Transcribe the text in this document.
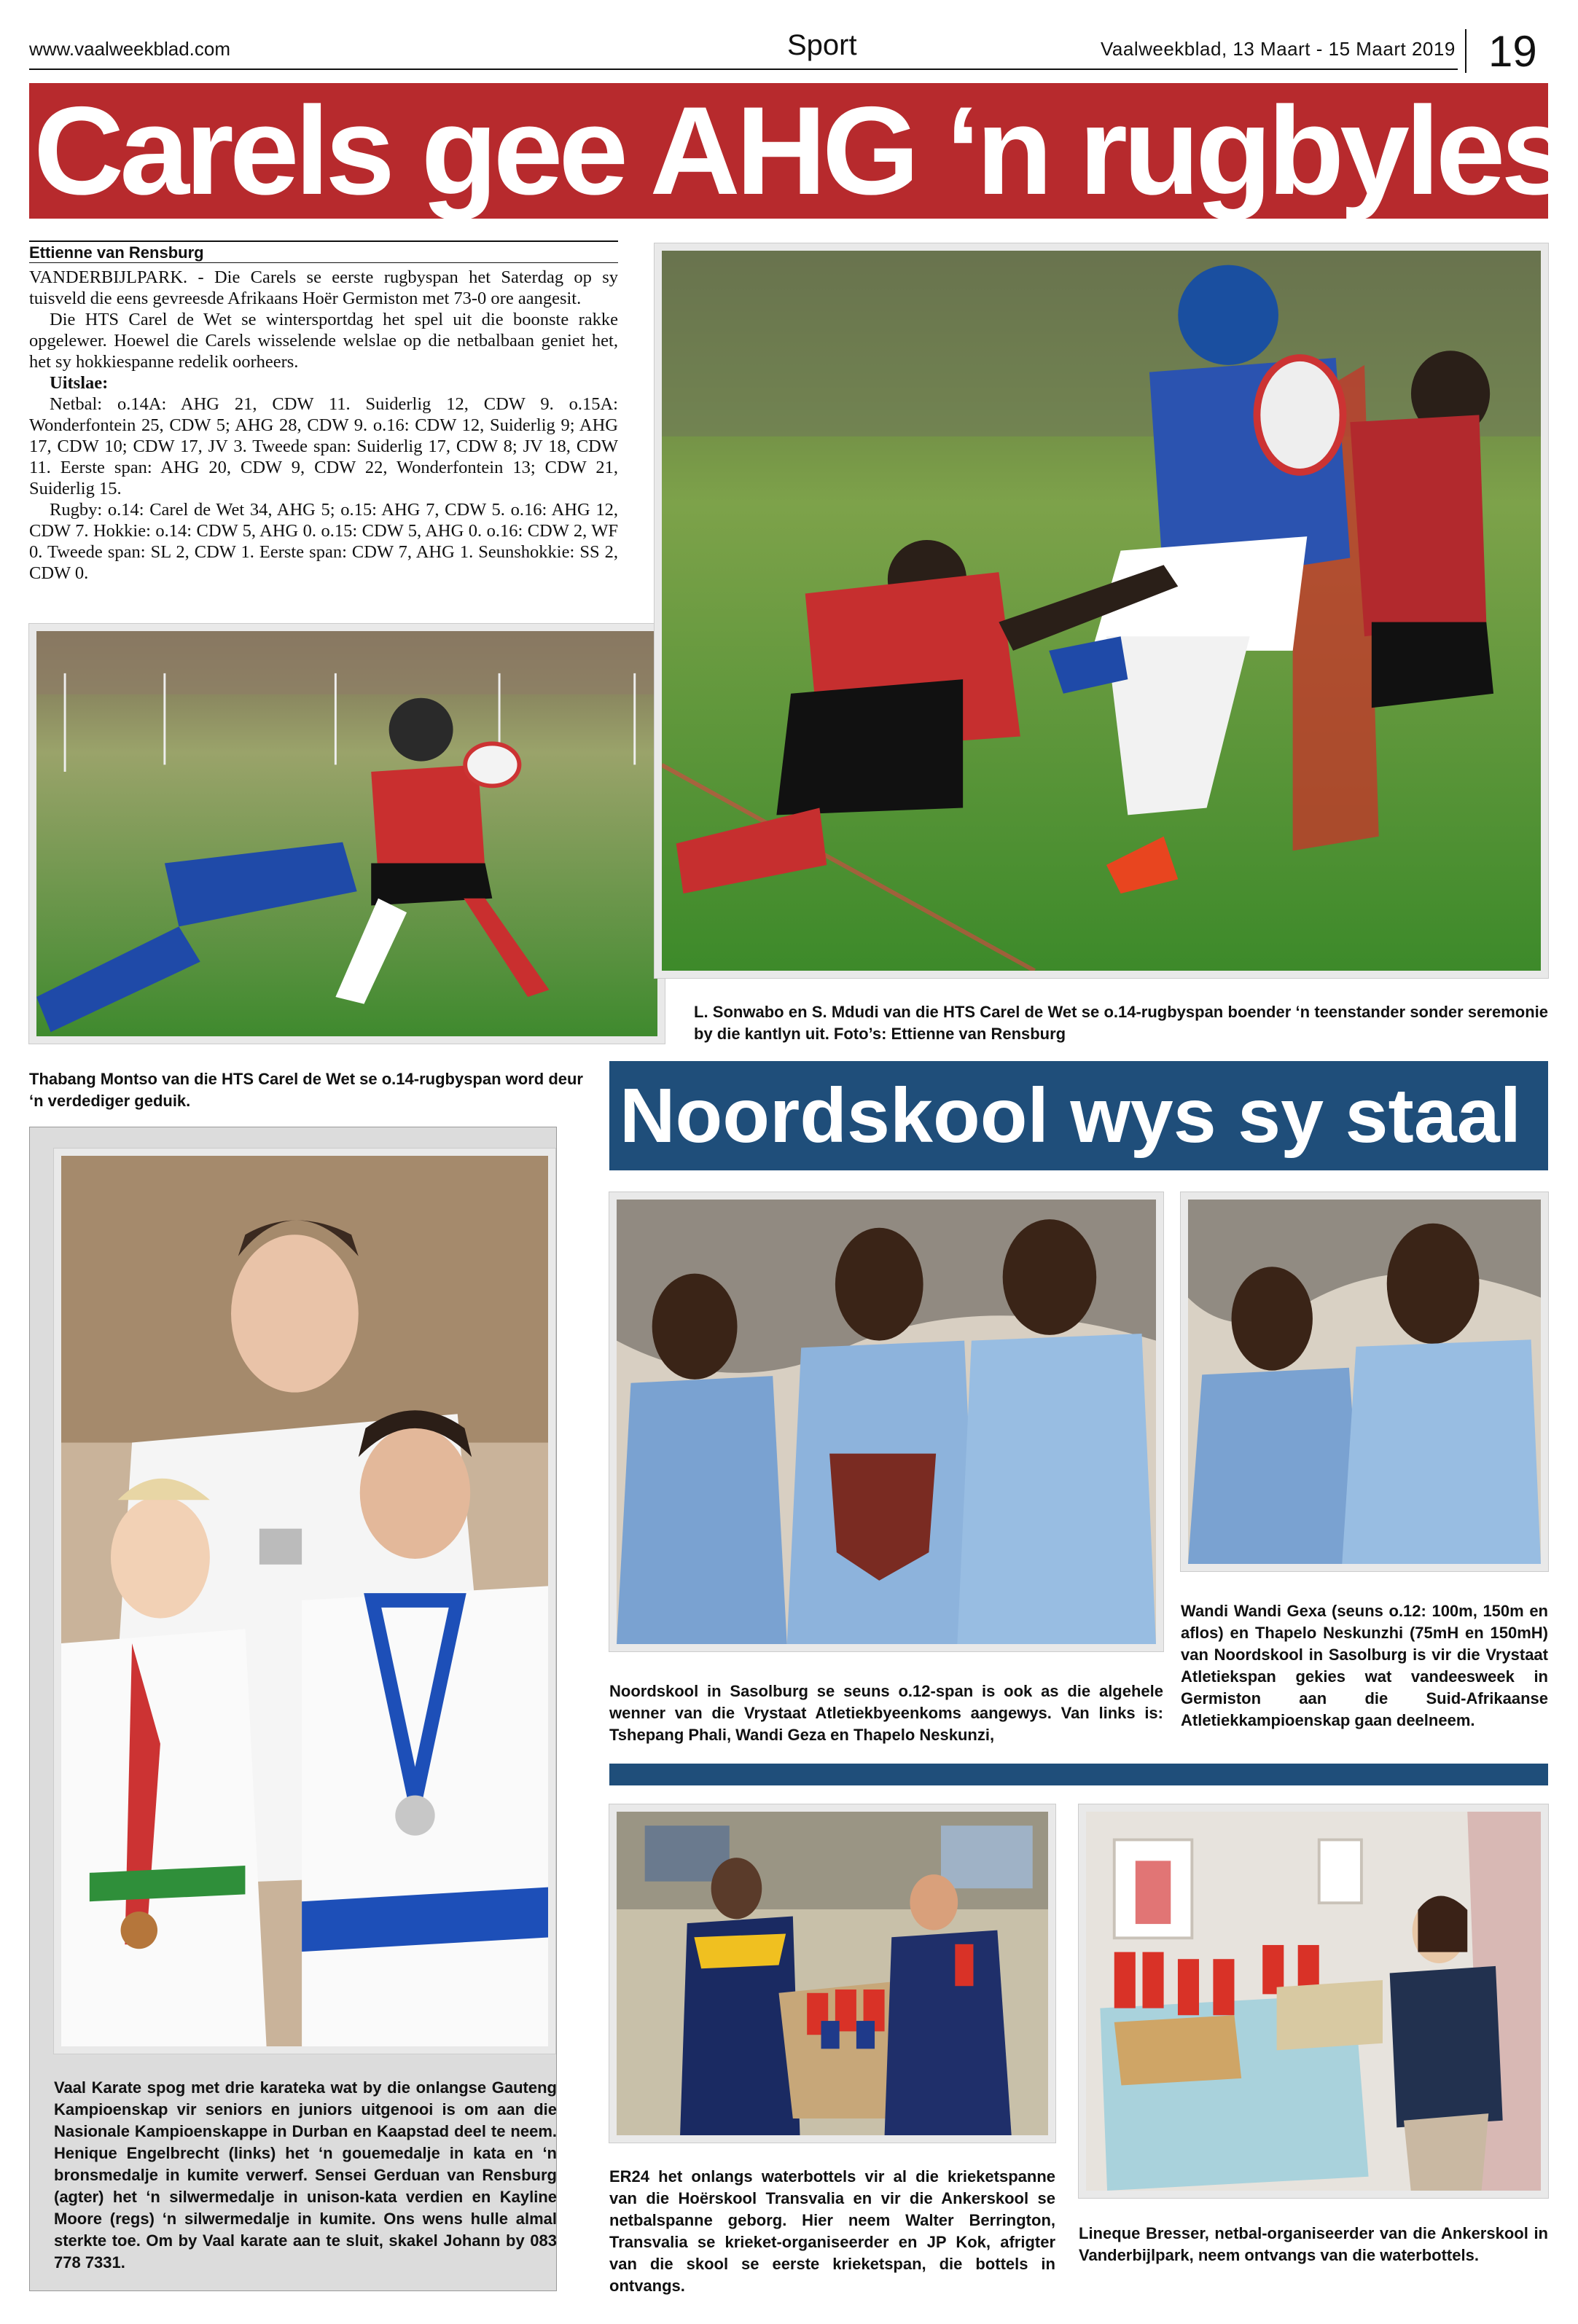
www.vaalweekblad.com	Sport	Vaalweekblad, 13 Maart - 15 Maart 2019 19
Carels gee AHG ‘n rugbyles
Ettienne van Rensburg

VANDERBIJLPARK. - Die Carels se eerste rugbyspan het Saterdag op sy tuisveld die eens gevreesde Afrikaans Hoër Germiston met 73-0 ore aangesit.

Die HTS Carel de Wet se wintersportdag het spel uit die boonste rakke opgelewer. Hoewel die Carels wisselende welslae op die netbalbaan geniet het, het sy hokkiespanne redelik oorheers.

Uitslae:

Netbal: o.14A: AHG 21, CDW 11. Suiderlig 12, CDW 9. o.15A: Wonderfontein 25, CDW 5; AHG 28, CDW 9. o.16: CDW 12, Suiderlig 9; AHG 17, CDW 10; CDW 17, JV 3. Tweede span: Suiderlig 17, CDW 8; JV 18, CDW 11. Eerste span: AHG 20, CDW 9, CDW 22, Wonderfontein 13; CDW 21, Suiderlig 15.

Rugby: o.14: Carel de Wet 34, AHG 5; o.15: AHG 7, CDW 5. o.16: AHG 12, CDW 7. Hokkie: o.14: CDW 5, AHG 0. o.15: CDW 5, AHG 0. o.16: CDW 2, WF 0. Tweede span: SL 2, CDW 1. Eerste span: CDW 7, AHG 1. Seunshokkie: SS 2, CDW 0.

Thabang Montso van die HTS Carel de Wet se o.14-rugbyspan word deur ‘n verdediger geduik.
L. Sonwabo en S. Mdudi van die HTS Carel de Wet se o.14-rugbyspan boender ‘n teenstander sonder seremonie by die kantlyn uit. Foto’s: Ettienne van Rensburg
Vaal Karate spog met drie karateka wat by die onlangse Gauteng Kampioenskap vir seniors en juniors uitgenooi is om aan die Nasionale Kampioenskappe in Durban en Kaapstad deel te neem. Henique Engelbrecht (links) het ‘n gouemedalje in kata en ‘n bronsmedalje in kumite verwerf. Sensei Gerduan van Rensburg (agter) het ‘n silwermedalje in unison-kata verdien en Kayline Moore (regs) ‘n silwermedalje in kumite. Ons wens hulle almal sterkte toe. Om by Vaal karate aan te sluit, skakel Johann by 083 778 7331.
Noordskool wys sy staal
Noordskool in Sasolburg se seuns o.12-span is ook as die algehele wenner van die Vrystaat Atletiekbyeenkoms aangewys. Van links is: Tshepang Phali, Wandi Geza en Thapelo Neskunzi,
Wandi Wandi Gexa (seuns o.12: 100m, 150m en aflos) en Thapelo Neskunzhi (75mH en 150mH) van Noordskool in Sasolburg is vir die Vrystaat Atletiekspan gekies wat vandeesweek in Germiston aan die Suid-Afrikaanse Atletiekkampioenskap gaan deelneem.
ER24 het onlangs waterbottels vir al die krieketspanne van die Hoërskool Transvalia en vir die Ankerskool se netbalspanne geborg. Hier neem Walter Berrington, Transvalia se krieket-organiseerder en JP Kok, afrigter van die skool se eerste krieketspan, die bottels in ontvangs.
Lineque Bresser, netbal-organiseerder van die Ankerskool in Vanderbijlpark, neem ontvangs van die waterbottels.
